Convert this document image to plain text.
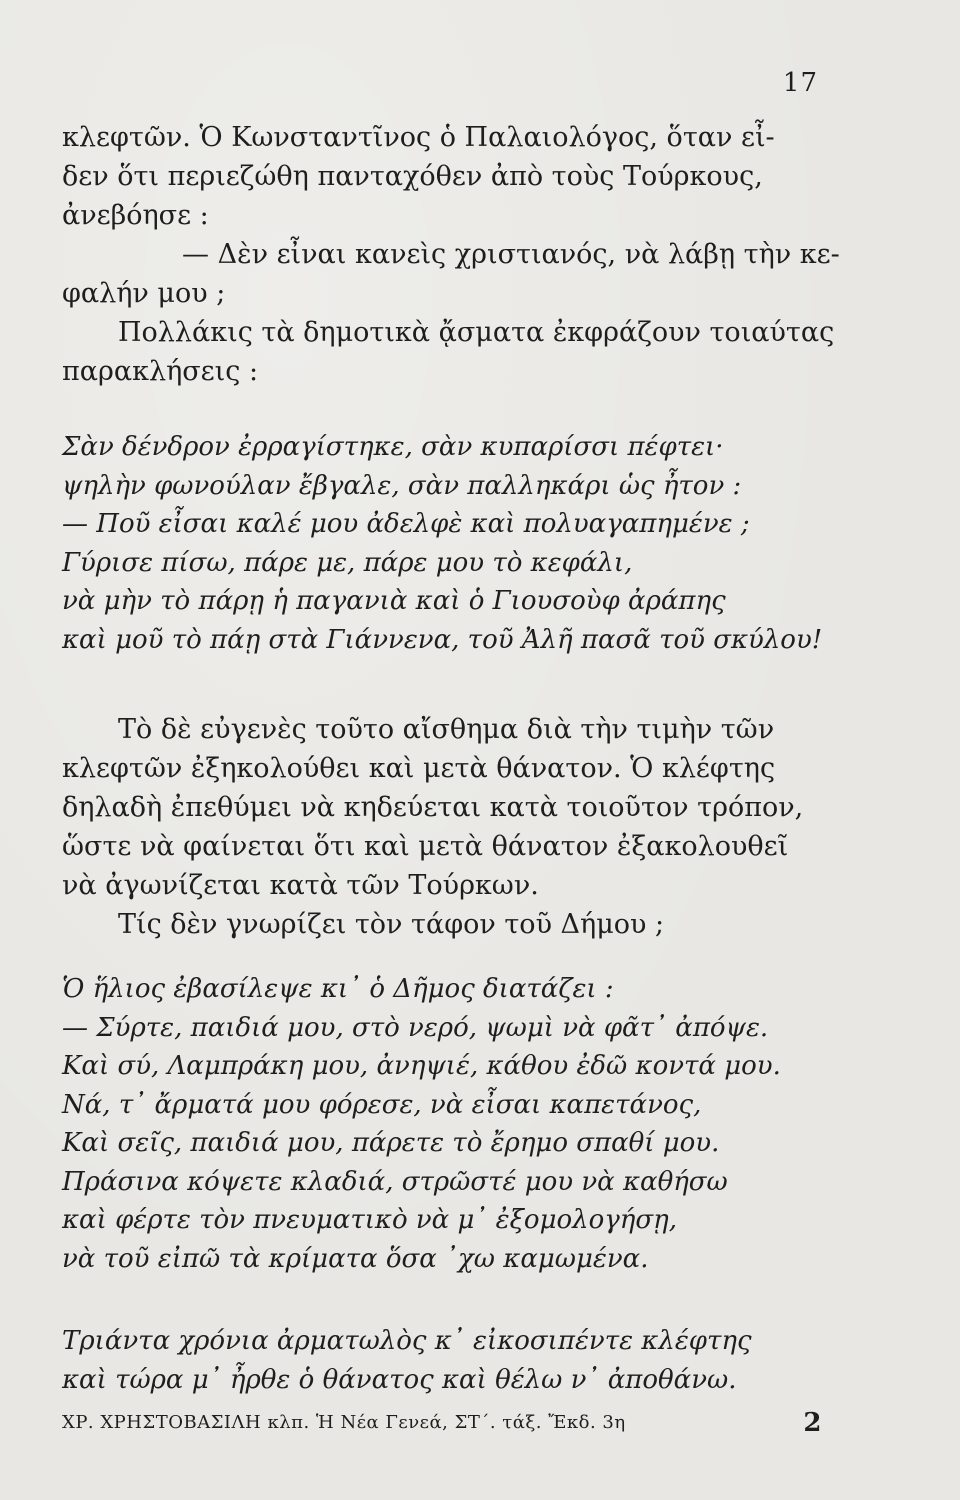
17
κλεφτῶν. Ὁ Κωνσταντῖνος ὁ Παλαιολόγος, ὅταν εἶ-
δεν ὅτι περιεζώθη πανταχόθεν ἀπὸ τοὺς Τούρκους,
ἀνεβόησε :
— Δὲν εἶναι κανεὶς χριστιανός, νὰ λάβῃ τὴν κε-
φαλήν μου ;
Πολλάκις τὰ δημοτικὰ ᾄσματα ἐκφράζουν τοιαύτας
παρακλήσεις :
Σὰν δένδρον ἐρραγίστηκε, σὰν κυπαρίσσι πέφτει·
ψηλὴν φωνούλαν ἔβγαλε, σὰν παλληκάρι ὡς ἦτον :
— Ποῦ εἶσαι καλέ μου ἀδελφὲ καὶ πολυαγαπημένε ;
Γύρισε πίσω, πάρε με, πάρε μου τὸ κεφάλι,
νὰ μὴν τὸ πάρῃ ἡ παγανιὰ καὶ ὁ Γιουσοὺφ ἀράπης
καὶ μοῦ τὸ πάῃ στὰ Γιάννενα, τοῦ Ἀλῆ πασᾶ τοῦ σκύλου!
Τὸ δὲ εὐγενὲς τοῦτο αἴσθημα διὰ τὴν τιμὴν τῶν
κλεφτῶν ἐξηκολούθει καὶ μετὰ θάνατον. Ὁ κλέφτης
δηλαδὴ ἐπεθύμει νὰ κηδεύεται κατὰ τοιοῦτον τρόπον,
ὥστε νὰ φαίνεται ὅτι καὶ μετὰ θάνατον ἐξακολουθεῖ
νὰ ἀγωνίζεται κατὰ τῶν Τούρκων.
Τίς δὲν γνωρίζει τὸν τάφον τοῦ Δήμου ;
Ὁ ἥλιος ἐβασίλεψε κι᾿ ὁ Δῆμος διατάζει :
— Σύρτε, παιδιά μου, στὸ νερό, ψωμὶ νὰ φᾶτ᾿ ἀπόψε.
Καὶ σύ, Λαμπράκη μου, ἀνηψιέ, κάθου ἐδῶ κοντά μου.
Νά, τ᾿ ἄρματά μου φόρεσε, νὰ εἶσαι καπετάνος,
Καὶ σεῖς, παιδιά μου, πάρετε τὸ ἔρημο σπαθί μου.
Πράσινα κόψετε κλαδιά, στρῶστέ μου νὰ καθήσω
καὶ φέρτε τὸν πνευματικὸ νὰ μ᾿ ἐξομολογήσῃ,
νὰ τοῦ εἰπῶ τὰ κρίματα ὅσα ᾿χω καμωμένα.
Τριάντα χρόνια ἀρματωλὸς κ᾿ εἰκοσιπέντε κλέφτης
καὶ τώρα μ᾿ ἦρθε ὁ θάνατος καὶ θέλω ν᾿ ἀποθάνω.
ΧΡ. ΧΡΗΣΤΟΒΑΣΙΛΗ κλπ. Ἡ Νέα Γενεά, ΣΤ΄. τάξ. Ἔκδ. 3η	2
